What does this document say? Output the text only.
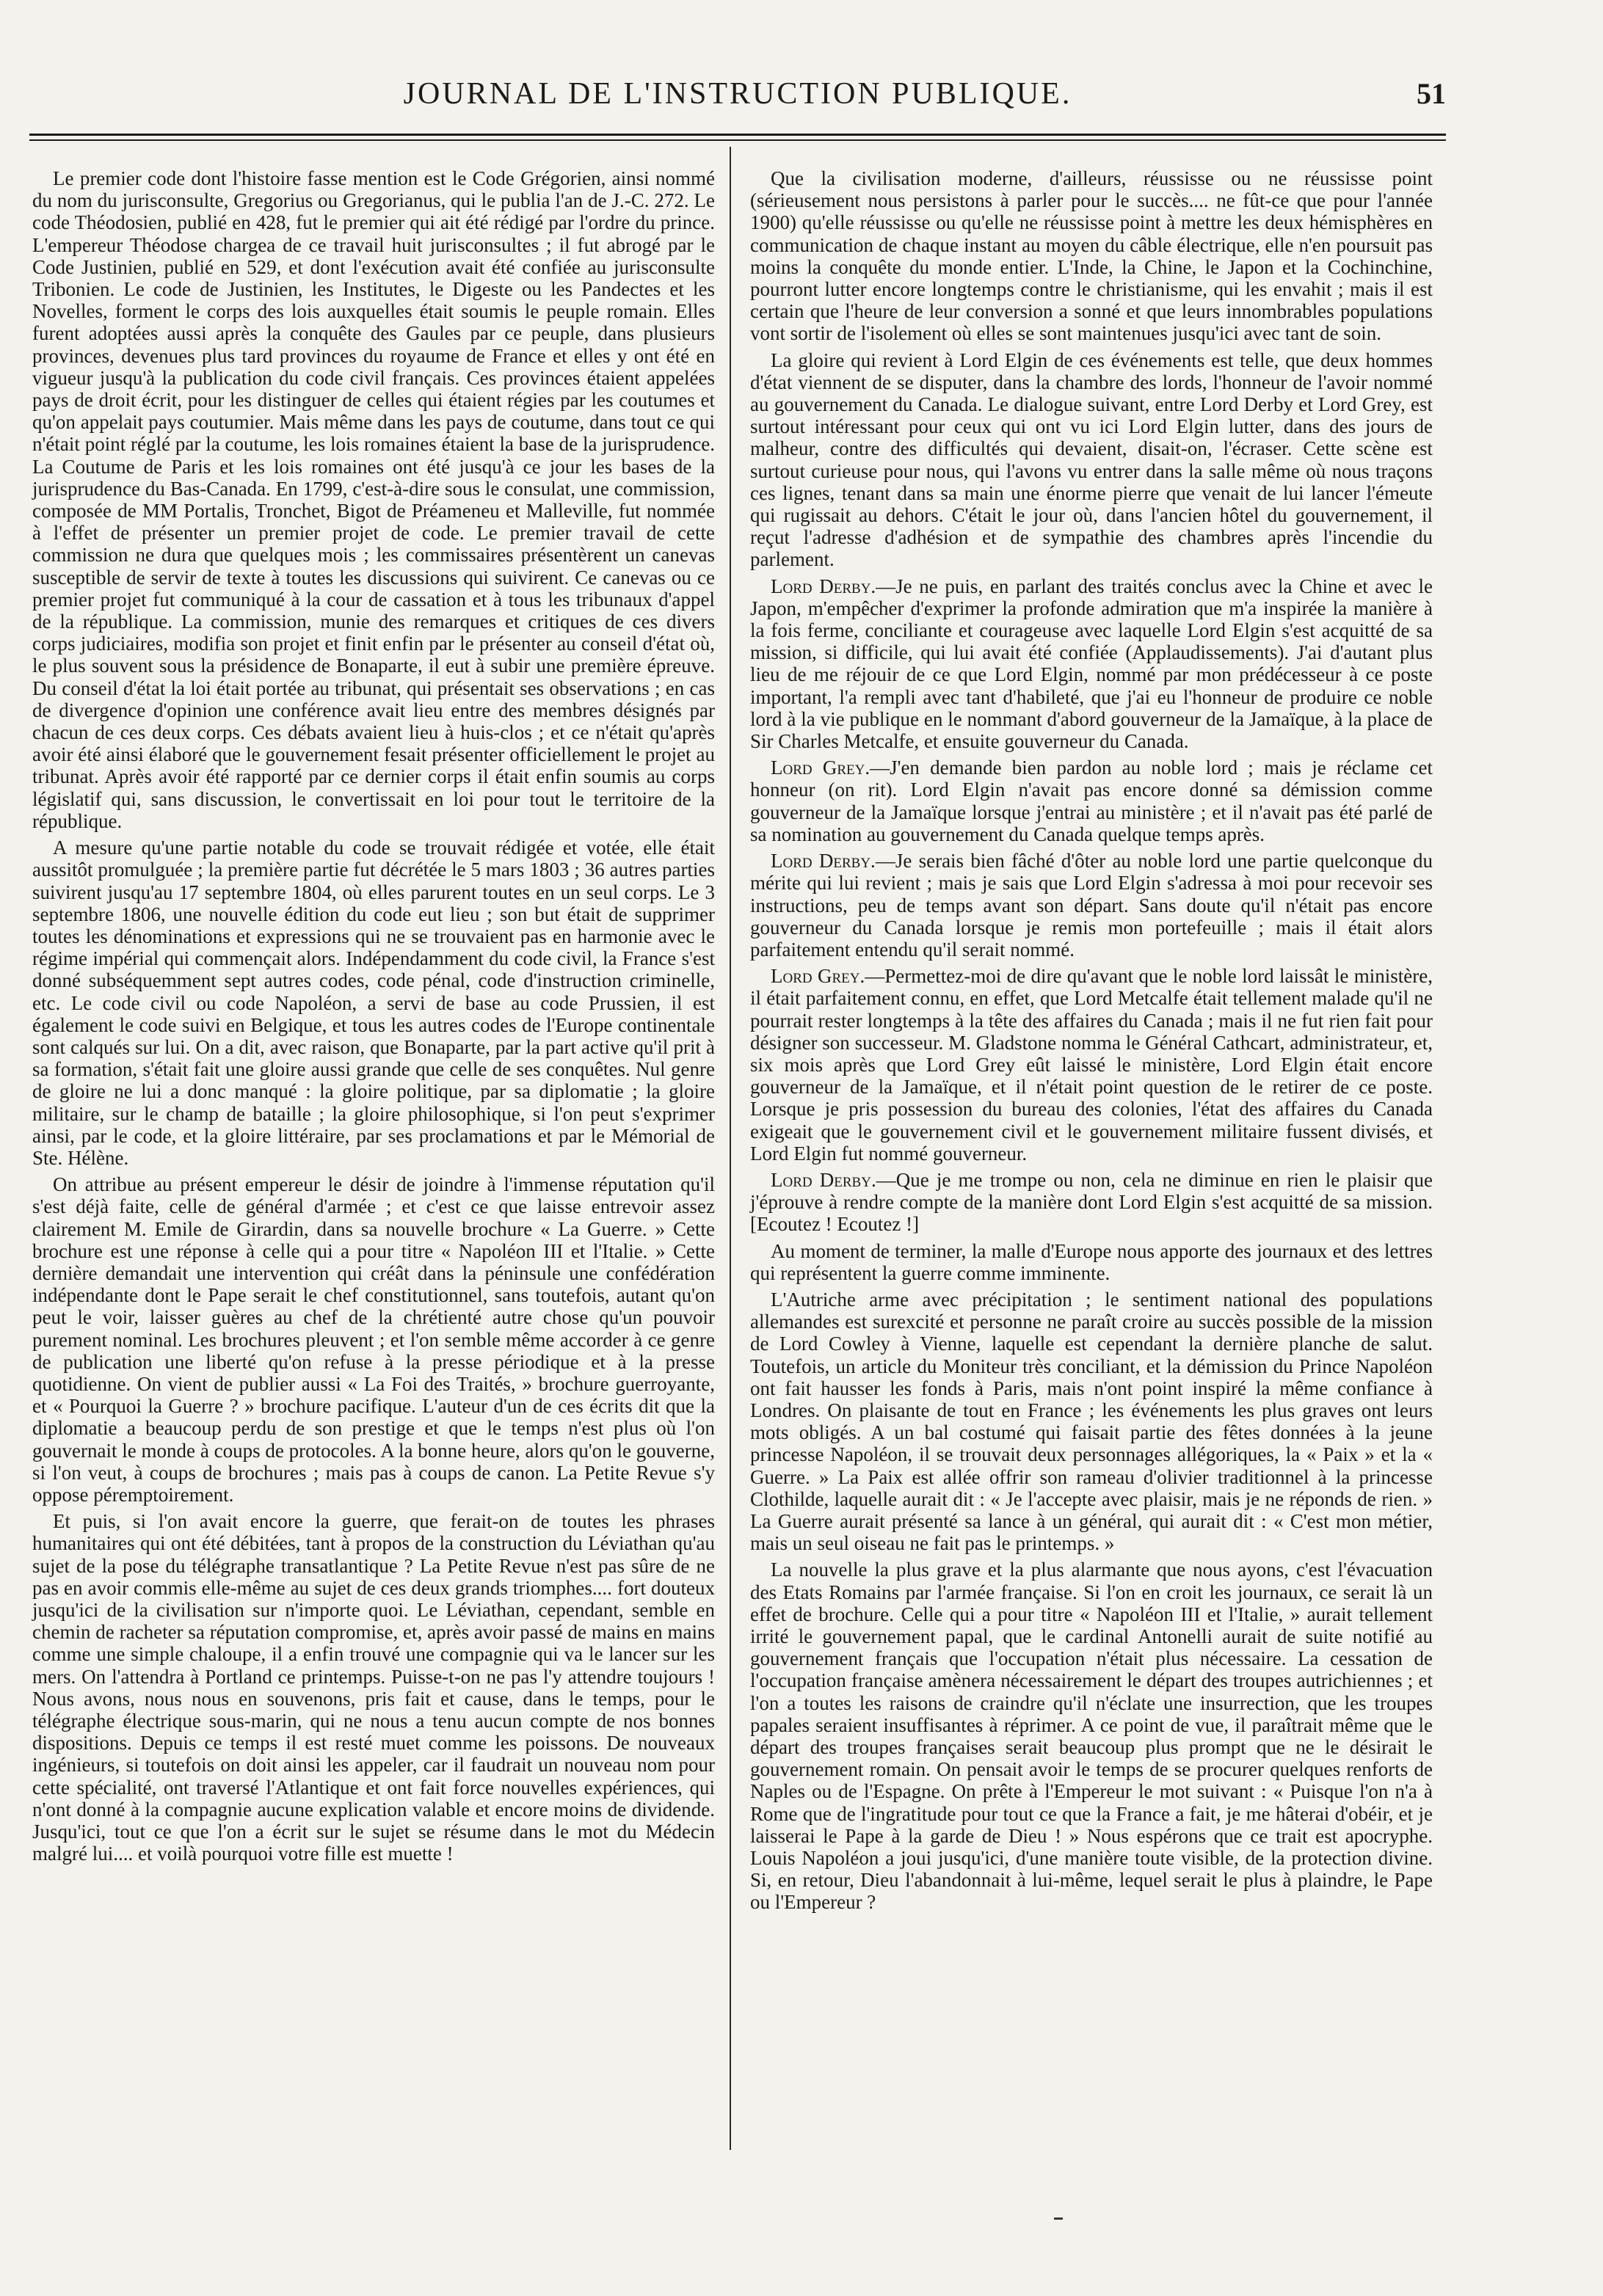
JOURNAL DE L'INSTRUCTION PUBLIQUE.	51

Le premier code dont l'histoire fasse mention est le Code Grégorien, ainsi nommé du nom du jurisconsulte, Gregorius ou Gregorianus, qui le publia l'an de J.-C. 272. Le code Théodosien, publié en 428, fut le premier qui ait été rédigé par l'ordre du prince. L'empereur Théodose chargea de ce travail huit jurisconsultes ; il fut abrogé par le Code Justinien, publié en 529, et dont l'exécution avait été confiée au jurisconsulte Tribonien. Le code de Justinien, les Institutes, le Digeste ou les Pandectes et les Novelles, forment le corps des lois auxquelles était soumis le peuple romain. Elles furent adoptées aussi après la conquête des Gaules par ce peuple, dans plusieurs provinces, devenues plus tard provinces du royaume de France et elles y ont été en vigueur jusqu'à la publication du code civil français. Ces provinces étaient appelées pays de droit écrit, pour les distinguer de celles qui étaient régies par les coutumes et qu'on appelait pays coutumier. Mais même dans les pays de coutume, dans tout ce qui n'était point réglé par la coutume, les lois romaines étaient la base de la jurisprudence. La Coutume de Paris et les lois romaines ont été jusqu'à ce jour les bases de la jurisprudence du Bas-Canada. En 1799, c'est-à-dire sous le consulat, une commission, composée de MM Portalis, Tronchet, Bigot de Préameneu et Malleville, fut nommée à l'effet de présenter un premier projet de code. Le premier travail de cette commission ne dura que quelques mois ; les commissaires présentèrent un canevas susceptible de servir de texte à toutes les discussions qui suivirent. Ce canevas ou ce premier projet fut communiqué à la cour de cassation et à tous les tribunaux d'appel de la république. La commission, munie des remarques et critiques de ces divers corps judiciaires, modifia son projet et finit enfin par le présenter au conseil d'état où, le plus souvent sous la présidence de Bonaparte, il eut à subir une première épreuve. Du conseil d'état la loi était portée au tribunat, qui présentait ses observations ; en cas de divergence d'opinion une conférence avait lieu entre des membres désignés par chacun de ces deux corps. Ces débats avaient lieu à huis-clos ; et ce n'était qu'après avoir été ainsi élaboré que le gouvernement fesait présenter officiellement le projet au tribunat. Après avoir été rapporté par ce dernier corps il était enfin soumis au corps législatif qui, sans discussion, le convertissait en loi pour tout le territoire de la république.

A mesure qu'une partie notable du code se trouvait rédigée et votée, elle était aussitôt promulguée ; la première partie fut décrétée le 5 mars 1803 ; 36 autres parties suivirent jusqu'au 17 septembre 1804, où elles parurent toutes en un seul corps. Le 3 septembre 1806, une nouvelle édition du code eut lieu ; son but était de supprimer toutes les dénominations et expressions qui ne se trouvaient pas en harmonie avec le régime impérial qui commençait alors. Indépendamment du code civil, la France s'est donné subséquemment sept autres codes, code pénal, code d'instruction criminelle, etc. Le code civil ou code Napoléon, a servi de base au code Prussien, il est également le code suivi en Belgique, et tous les autres codes de l'Europe continentale sont calqués sur lui. On a dit, avec raison, que Bonaparte, par la part active qu'il prit à sa formation, s'était fait une gloire aussi grande que celle de ses conquêtes. Nul genre de gloire ne lui a donc manqué : la gloire politique, par sa diplomatie ; la gloire militaire, sur le champ de bataille ; la gloire philosophique, si l'on peut s'exprimer ainsi, par le code, et la gloire littéraire, par ses proclamations et par le Mémorial de Ste. Hélène.

On attribue au présent empereur le désir de joindre à l'immense réputation qu'il s'est déjà faite, celle de général d'armée ; et c'est ce que laisse entrevoir assez clairement M. Emile de Girardin, dans sa nouvelle brochure « La Guerre. » Cette brochure est une réponse à celle qui a pour titre « Napoléon III et l'Italie. » Cette dernière demandait une intervention qui créât dans la péninsule une confédération indépendante dont le Pape serait le chef constitutionnel, sans toutefois, autant qu'on peut le voir, laisser guères au chef de la chrétienté autre chose qu'un pouvoir purement nominal. Les brochures pleuvent ; et l'on semble même accorder à ce genre de publication une liberté qu'on refuse à la presse périodique et à la presse quotidienne. On vient de publier aussi « La Foi des Traités, » brochure guerroyante, et « Pourquoi la Guerre ? » brochure pacifique. L'auteur d'un de ces écrits dit que la diplomatie a beaucoup perdu de son prestige et que le temps n'est plus où l'on gouvernait le monde à coups de protocoles. A la bonne heure, alors qu'on le gouverne, si l'on veut, à coups de brochures ; mais pas à coups de canon. La Petite Revue s'y oppose péremptoirement.

Et puis, si l'on avait encore la guerre, que ferait-on de toutes les phrases humanitaires qui ont été débitées, tant à propos de la construction du Léviathan qu'au sujet de la pose du télégraphe transatlantique ? La Petite Revue n'est pas sûre de ne pas en avoir commis elle-même au sujet de ces deux grands triomphes.... fort douteux jusqu'ici de la civilisation sur n'importe quoi. Le Léviathan, cependant, semble en chemin de racheter sa réputation compromise, et, après avoir passé de mains en mains comme une simple chaloupe, il a enfin trouvé une compagnie qui va le lancer sur les mers. On l'attendra à Portland ce printemps. Puisse-t-on ne pas l'y attendre toujours ! Nous avons, nous nous en souvenons, pris fait et cause, dans le temps, pour le télégraphe électrique sous-marin, qui ne nous a tenu aucun compte de nos bonnes dispositions. Depuis ce temps il est resté muet comme les poissons. De nouveaux ingénieurs, si toutefois on doit ainsi les appeler, car il faudrait un nouveau nom pour cette spécialité, ont traversé l'Atlantique et ont fait force nouvelles expériences, qui n'ont donné à la compagnie aucune explication valable et encore moins de dividende. Jusqu'ici, tout ce que l'on a écrit sur le sujet se résume dans le mot du Médecin malgré lui.... et voilà pourquoi votre fille est muette !

Que la civilisation moderne, d'ailleurs, réussisse ou ne réussisse point (sérieusement nous persistons à parler pour le succès.... ne fût-ce que pour l'année 1900) qu'elle réussisse ou qu'elle ne réussisse point à mettre les deux hémisphères en communication de chaque instant au moyen du câble électrique, elle n'en poursuit pas moins la conquête du monde entier. L'Inde, la Chine, le Japon et la Cochinchine, pourront lutter encore longtemps contre le christianisme, qui les envahit ; mais il est certain que l'heure de leur conversion a sonné et que leurs innombrables populations vont sortir de l'isolement où elles se sont maintenues jusqu'ici avec tant de soin.

La gloire qui revient à Lord Elgin de ces événements est telle, que deux hommes d'état viennent de se disputer, dans la chambre des lords, l'honneur de l'avoir nommé au gouvernement du Canada. Le dialogue suivant, entre Lord Derby et Lord Grey, est surtout intéressant pour ceux qui ont vu ici Lord Elgin lutter, dans des jours de malheur, contre des difficultés qui devaient, disait-on, l'écraser. Cette scène est surtout curieuse pour nous, qui l'avons vu entrer dans la salle même où nous traçons ces lignes, tenant dans sa main une énorme pierre que venait de lui lancer l'émeute qui rugissait au dehors. C'était le jour où, dans l'ancien hôtel du gouvernement, il reçut l'adresse d'adhésion et de sympathie des chambres après l'incendie du parlement.

Lord Derby.—Je ne puis, en parlant des traités conclus avec la Chine et avec le Japon, m'empêcher d'exprimer la profonde admiration que m'a inspirée la manière à la fois ferme, conciliante et courageuse avec laquelle Lord Elgin s'est acquitté de sa mission, si difficile, qui lui avait été confiée (Applaudissements). J'ai d'autant plus lieu de me réjouir de ce que Lord Elgin, nommé par mon prédécesseur à ce poste important, l'a rempli avec tant d'habileté, que j'ai eu l'honneur de produire ce noble lord à la vie publique en le nommant d'abord gouverneur de la Jamaïque, à la place de Sir Charles Metcalfe, et ensuite gouverneur du Canada.

Lord Grey.—J'en demande bien pardon au noble lord ; mais je réclame cet honneur (on rit). Lord Elgin n'avait pas encore donné sa démission comme gouverneur de la Jamaïque lorsque j'entrai au ministère ; et il n'avait pas été parlé de sa nomination au gouvernement du Canada quelque temps après.

Lord Derby.—Je serais bien fâché d'ôter au noble lord une partie quelconque du mérite qui lui revient ; mais je sais que Lord Elgin s'adressa à moi pour recevoir ses instructions, peu de temps avant son départ. Sans doute qu'il n'était pas encore gouverneur du Canada lorsque je remis mon portefeuille ; mais il était alors parfaitement entendu qu'il serait nommé.

Lord Grey.—Permettez-moi de dire qu'avant que le noble lord laissât le ministère, il était parfaitement connu, en effet, que Lord Metcalfe était tellement malade qu'il ne pourrait rester longtemps à la tête des affaires du Canada ; mais il ne fut rien fait pour désigner son successeur. M. Gladstone nomma le Général Cathcart, administrateur, et, six mois après que Lord Grey eût laissé le ministère, Lord Elgin était encore gouverneur de la Jamaïque, et il n'était point question de le retirer de ce poste. Lorsque je pris possession du bureau des colonies, l'état des affaires du Canada exigeait que le gouvernement civil et le gouvernement militaire fussent divisés, et Lord Elgin fut nommé gouverneur.

Lord Derby.—Que je me trompe ou non, cela ne diminue en rien le plaisir que j'éprouve à rendre compte de la manière dont Lord Elgin s'est acquitté de sa mission. [Ecoutez ! Ecoutez !]

Au moment de terminer, la malle d'Europe nous apporte des journaux et des lettres qui représentent la guerre comme imminente.

L'Autriche arme avec précipitation ; le sentiment national des populations allemandes est surexcité et personne ne paraît croire au succès possible de la mission de Lord Cowley à Vienne, laquelle est cependant la dernière planche de salut. Toutefois, un article du Moniteur très conciliant, et la démission du Prince Napoléon ont fait hausser les fonds à Paris, mais n'ont point inspiré la même confiance à Londres. On plaisante de tout en France ; les événements les plus graves ont leurs mots obligés. A un bal costumé qui faisait partie des fêtes données à la jeune princesse Napoléon, il se trouvait deux personnages allégoriques, la « Paix » et la « Guerre. » La Paix est allée offrir son rameau d'olivier traditionnel à la princesse Clothilde, laquelle aurait dit : « Je l'accepte avec plaisir, mais je ne réponds de rien. » La Guerre aurait présenté sa lance à un général, qui aurait dit : « C'est mon métier, mais un seul oiseau ne fait pas le printemps. »

La nouvelle la plus grave et la plus alarmante que nous ayons, c'est l'évacuation des Etats Romains par l'armée française. Si l'on en croit les journaux, ce serait là un effet de brochure. Celle qui a pour titre « Napoléon III et l'Italie, » aurait tellement irrité le gouvernement papal, que le cardinal Antonelli aurait de suite notifié au gouvernement français que l'occupation n'était plus nécessaire. La cessation de l'occupation française amènera nécessairement le départ des troupes autrichiennes ; et l'on a toutes les raisons de craindre qu'il n'éclate une insurrection, que les troupes papales seraient insuffisantes à réprimer. A ce point de vue, il paraîtrait même que le départ des troupes françaises serait beaucoup plus prompt que ne le désirait le gouvernement romain. On pensait avoir le temps de se procurer quelques renforts de Naples ou de l'Espagne. On prête à l'Empereur le mot suivant : « Puisque l'on n'a à Rome que de l'ingratitude pour tout ce que la France a fait, je me hâterai d'obéir, et je laisserai le Pape à la garde de Dieu ! » Nous espérons que ce trait est apocryphe. Louis Napoléon a joui jusqu'ici, d'une manière toute visible, de la protection divine. Si, en retour, Dieu l'abandonnait à lui-même, lequel serait le plus à plaindre, le Pape ou l'Empereur ?
